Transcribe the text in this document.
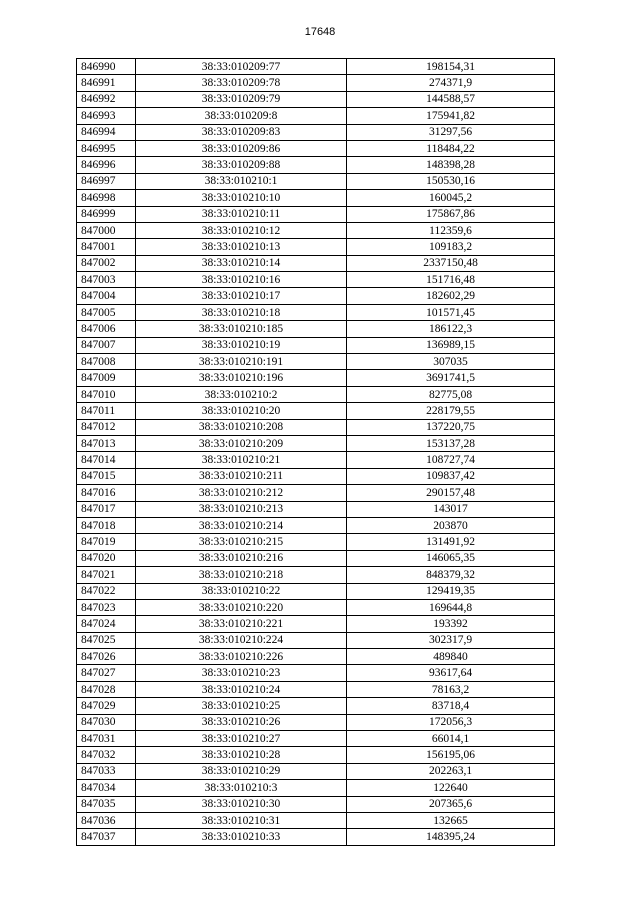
17648
846990	38:33:010209:77	198154,31
846991	38:33:010209:78	274371,9
846992	38:33:010209:79	144588,57
846993	38:33:010209:8	175941,82
846994	38:33:010209:83	31297,56
846995	38:33:010209:86	118484,22
846996	38:33:010209:88	148398,28
846997	38:33:010210:1	150530,16
846998	38:33:010210:10	160045,2
846999	38:33:010210:11	175867,86
847000	38:33:010210:12	112359,6
847001	38:33:010210:13	109183,2
847002	38:33:010210:14	2337150,48
847003	38:33:010210:16	151716,48
847004	38:33:010210:17	182602,29
847005	38:33:010210:18	101571,45
847006	38:33:010210:185	186122,3
847007	38:33:010210:19	136989,15
847008	38:33:010210:191	307035
847009	38:33:010210:196	3691741,5
847010	38:33:010210:2	82775,08
847011	38:33:010210:20	228179,55
847012	38:33:010210:208	137220,75
847013	38:33:010210:209	153137,28
847014	38:33:010210:21	108727,74
847015	38:33:010210:211	109837,42
847016	38:33:010210:212	290157,48
847017	38:33:010210:213	143017
847018	38:33:010210:214	203870
847019	38:33:010210:215	131491,92
847020	38:33:010210:216	146065,35
847021	38:33:010210:218	848379,32
847022	38:33:010210:22	129419,35
847023	38:33:010210:220	169644,8
847024	38:33:010210:221	193392
847025	38:33:010210:224	302317,9
847026	38:33:010210:226	489840
847027	38:33:010210:23	93617,64
847028	38:33:010210:24	78163,2
847029	38:33:010210:25	83718,4
847030	38:33:010210:26	172056,3
847031	38:33:010210:27	66014,1
847032	38:33:010210:28	156195,06
847033	38:33:010210:29	202263,1
847034	38:33:010210:3	122640
847035	38:33:010210:30	207365,6
847036	38:33:010210:31	132665
847037	38:33:010210:33	148395,24
